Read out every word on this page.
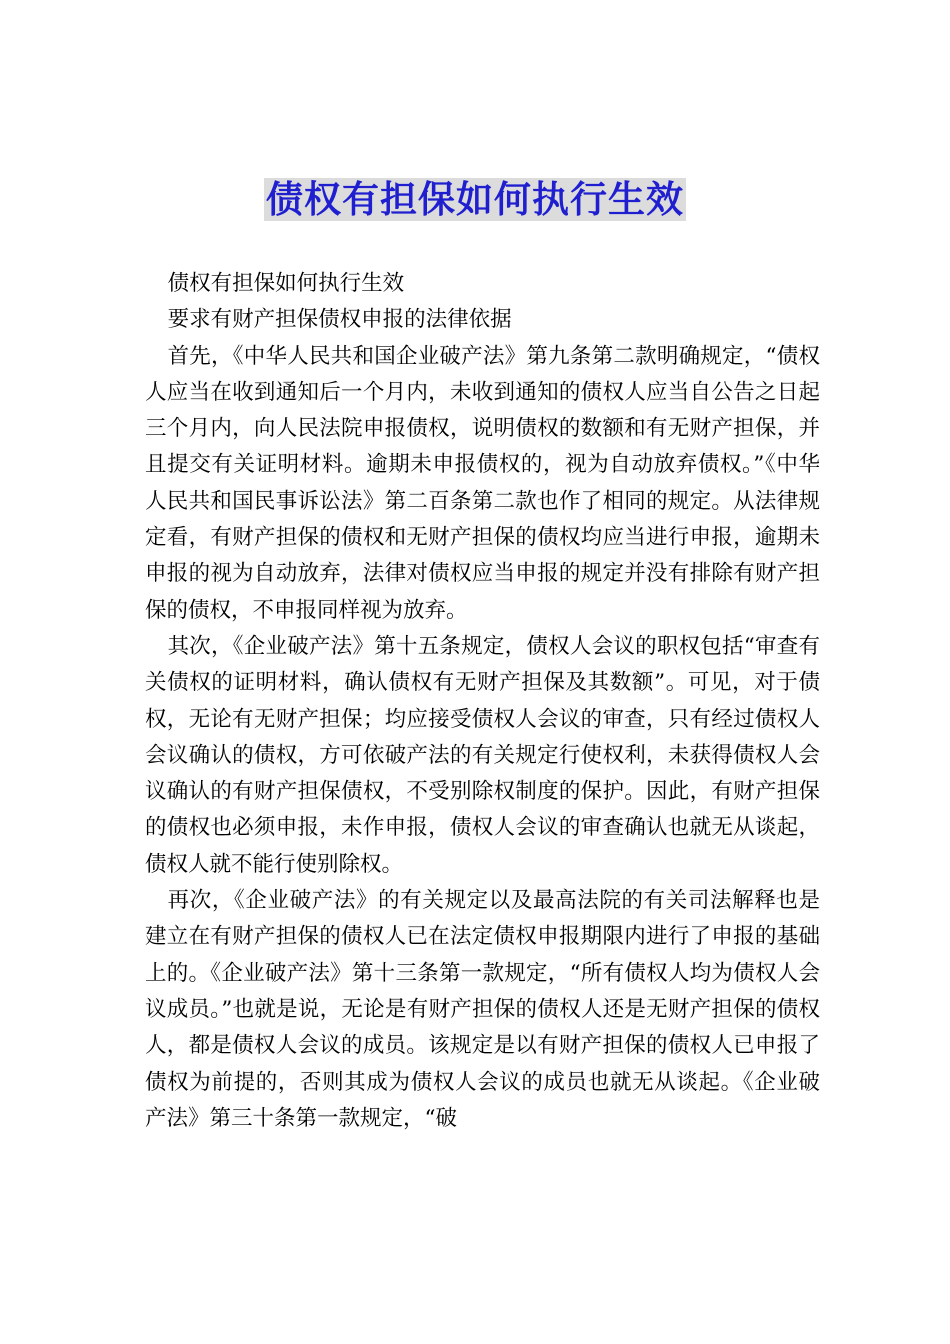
债权有担保如何执行生效

债权有担保如何执行生效

要求有财产担保债权申报的法律依据

首先，《中华人民共和国企业破产法》第九条第二款明确规定，“债权人应当在收到通知后一个月内，未收到通知的债权人应当自公告之日起三个月内，向人民法院申报债权，说明债权的数额和有无财产担保，并且提交有关证明材料。逾期未申报债权的，视为自动放弃债权。”《中华人民共和国民事诉讼法》第二百条第二款也作了相同的规定。从法律规定看，有财产担保的债权和无财产担保的债权均应当进行申报，逾期未申报的视为自动放弃，法律对债权应当申报的规定并没有排除有财产担保的债权，不申报同样视为放弃。

其次，《企业破产法》第十五条规定，债权人会议的职权包括“审查有关债权的证明材料，确认债权有无财产担保及其数额”。可见，对于债权，无论有无财产担保；均应接受债权人会议的审查，只有经过债权人会议确认的债权，方可依破产法的有关规定行使权利，未获得债权人会议确认的有财产担保债权，不受别除权制度的保护。因此，有财产担保的债权也必须申报，未作申报，债权人会议的审查确认也就无从谈起，债权人就不能行使别除权。

再次，《企业破产法》的有关规定以及最高法院的有关司法解释也是建立在有财产担保的债权人已在法定债权申报期限内进行了申报的基础上的。《企业破产法》第十三条第一款规定，“所有债权人均为债权人会议成员。”也就是说，无论是有财产担保的债权人还是无财产担保的债权人，都是债权人会议的成员。该规定是以有财产担保的债权人已申报了债权为前提的，否则其成为债权人会议的成员也就无从谈起。《企业破产法》第三十条第一款规定，“破
